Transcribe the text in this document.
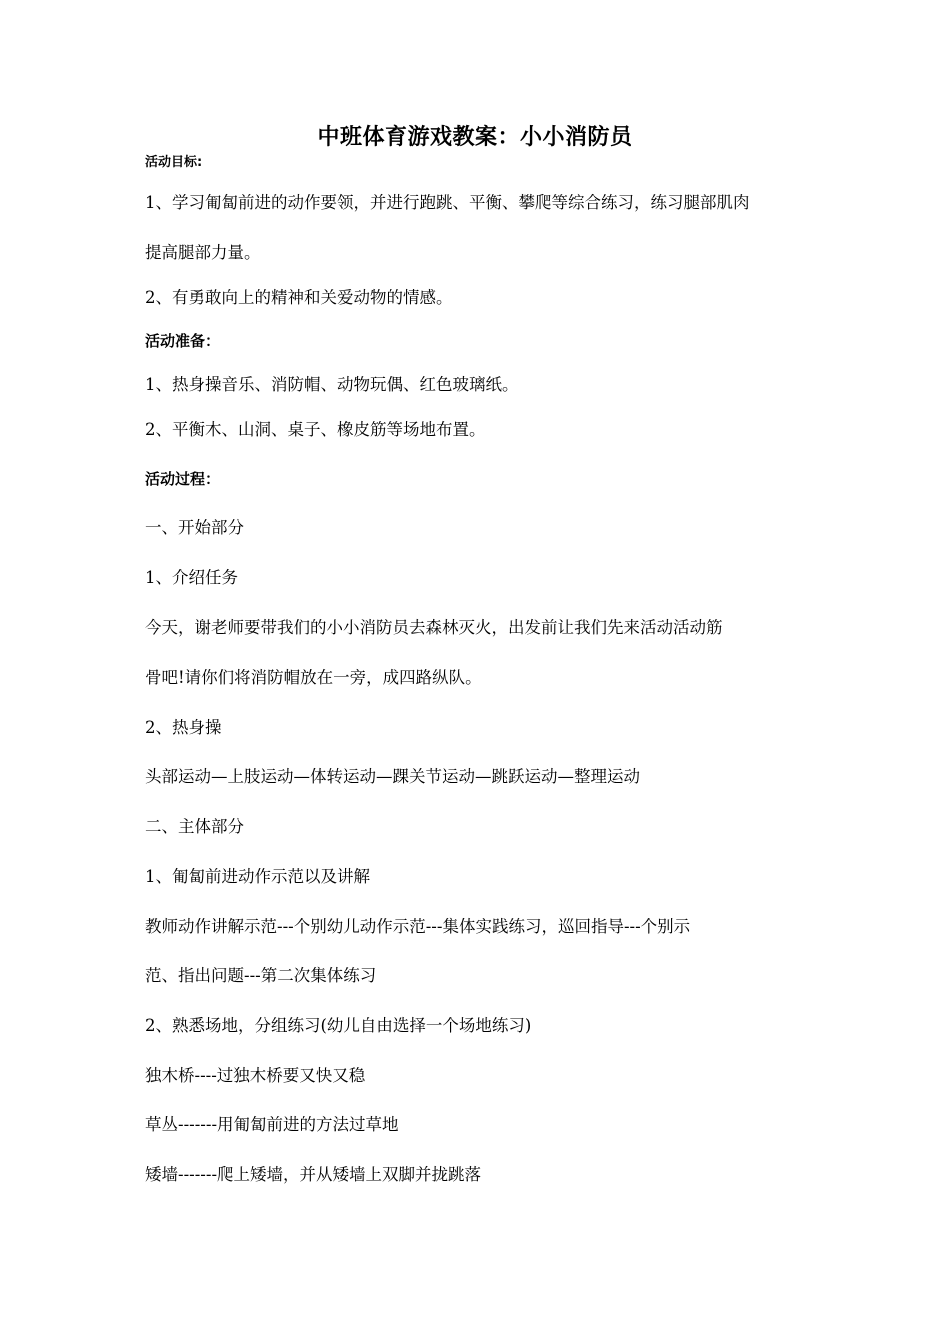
中班体育游戏教案：小小消防员
活动目标:
1、学习匍匐前进的动作要领，并进行跑跳、平衡、攀爬等综合练习，练习腿部肌肉
提高腿部力量。
2、有勇敢向上的精神和关爱动物的情感。
活动准备：
1、热身操音乐、消防帽、动物玩偶、红色玻璃纸。
2、平衡木、山洞、桌子、橡皮筋等场地布置。
活动过程：
一、开始部分
1、介绍任务
今天，谢老师要带我们的小小消防员去森林灭火，出发前让我们先来活动活动筋
骨吧!请你们将消防帽放在一旁，成四路纵队。
2、热身操
头部运动—上肢运动—体转运动—踝关节运动—跳跃运动—整理运动
二、主体部分
1、匍匐前进动作示范以及讲解
教师动作讲解示范---个别幼儿动作示范---集体实践练习，巡回指导---个别示
范、指出问题---第二次集体练习
2、熟悉场地，分组练习(幼儿自由选择一个场地练习)
独木桥----过独木桥要又快又稳
草丛-------用匍匐前进的方法过草地
矮墙-------爬上矮墙，并从矮墙上双脚并拢跳落
